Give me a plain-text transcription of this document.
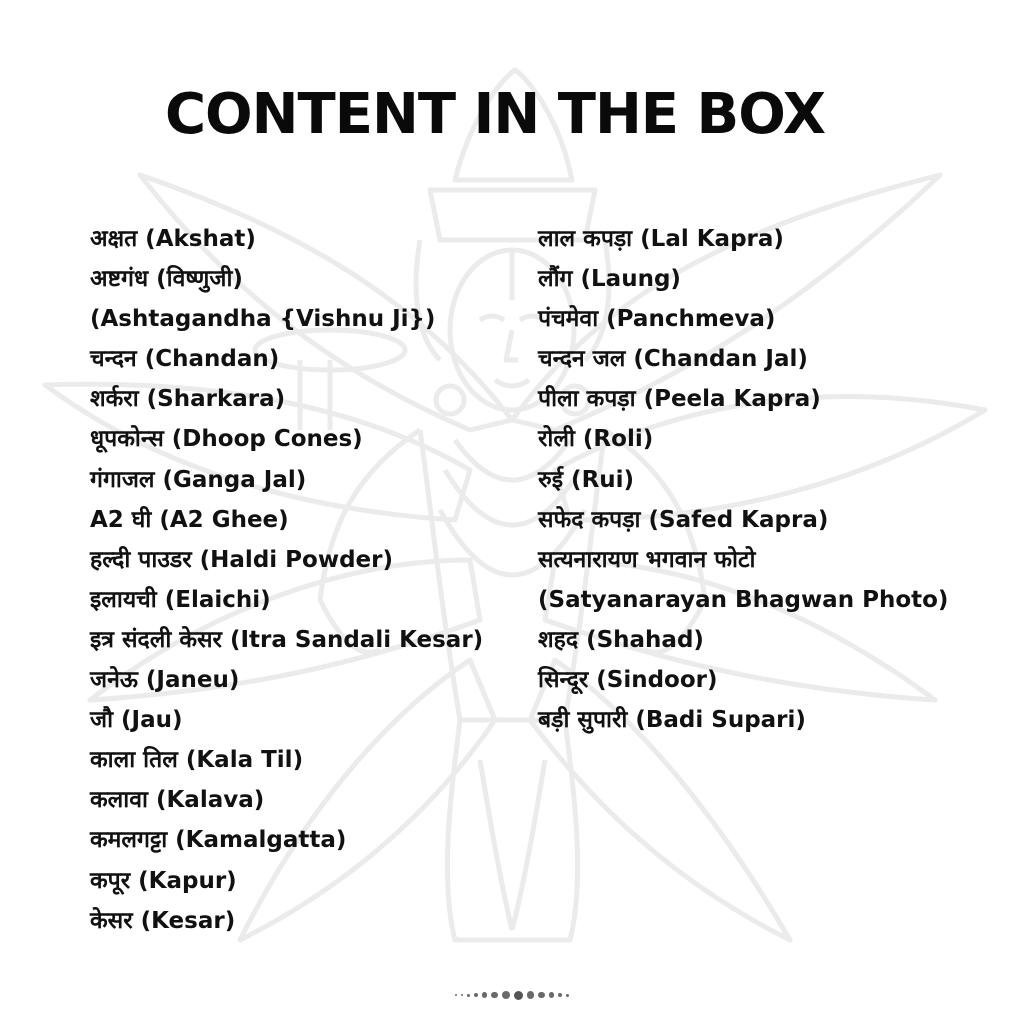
CONTENT IN THE BOX
अक्षत (Akshat)
अष्टगंध (विष्णुजी)
(Ashtagandha {Vishnu Ji})
चन्दन (Chandan)
शर्करा (Sharkara)
धूपकोन्स (Dhoop Cones)
गंगाजल (Ganga Jal)
A2 घी (A2 Ghee)
हल्दी पाउडर (Haldi Powder)
इलायची (Elaichi)
इत्र संदली केसर (Itra Sandali Kesar)
जनेऊ (Janeu)
जौ (Jau)
काला तिल (Kala Til)
कलावा (Kalava)
कमलगट्टा (Kamalgatta)
कपूर (Kapur)
केसर (Kesar)
लाल कपड़ा (Lal Kapra)
लौंग (Laung)
पंचमेवा (Panchmeva)
चन्दन जल (Chandan Jal)
पीला कपड़ा (Peela Kapra)
रोली (Roli)
रुई (Rui)
सफेद कपड़ा (Safed Kapra)
सत्यनारायण भगवान फोटो
(Satyanarayan Bhagwan Photo)
शहद (Shahad)
सिन्दूर (Sindoor)
बड़ी सुपारी (Badi Supari)
